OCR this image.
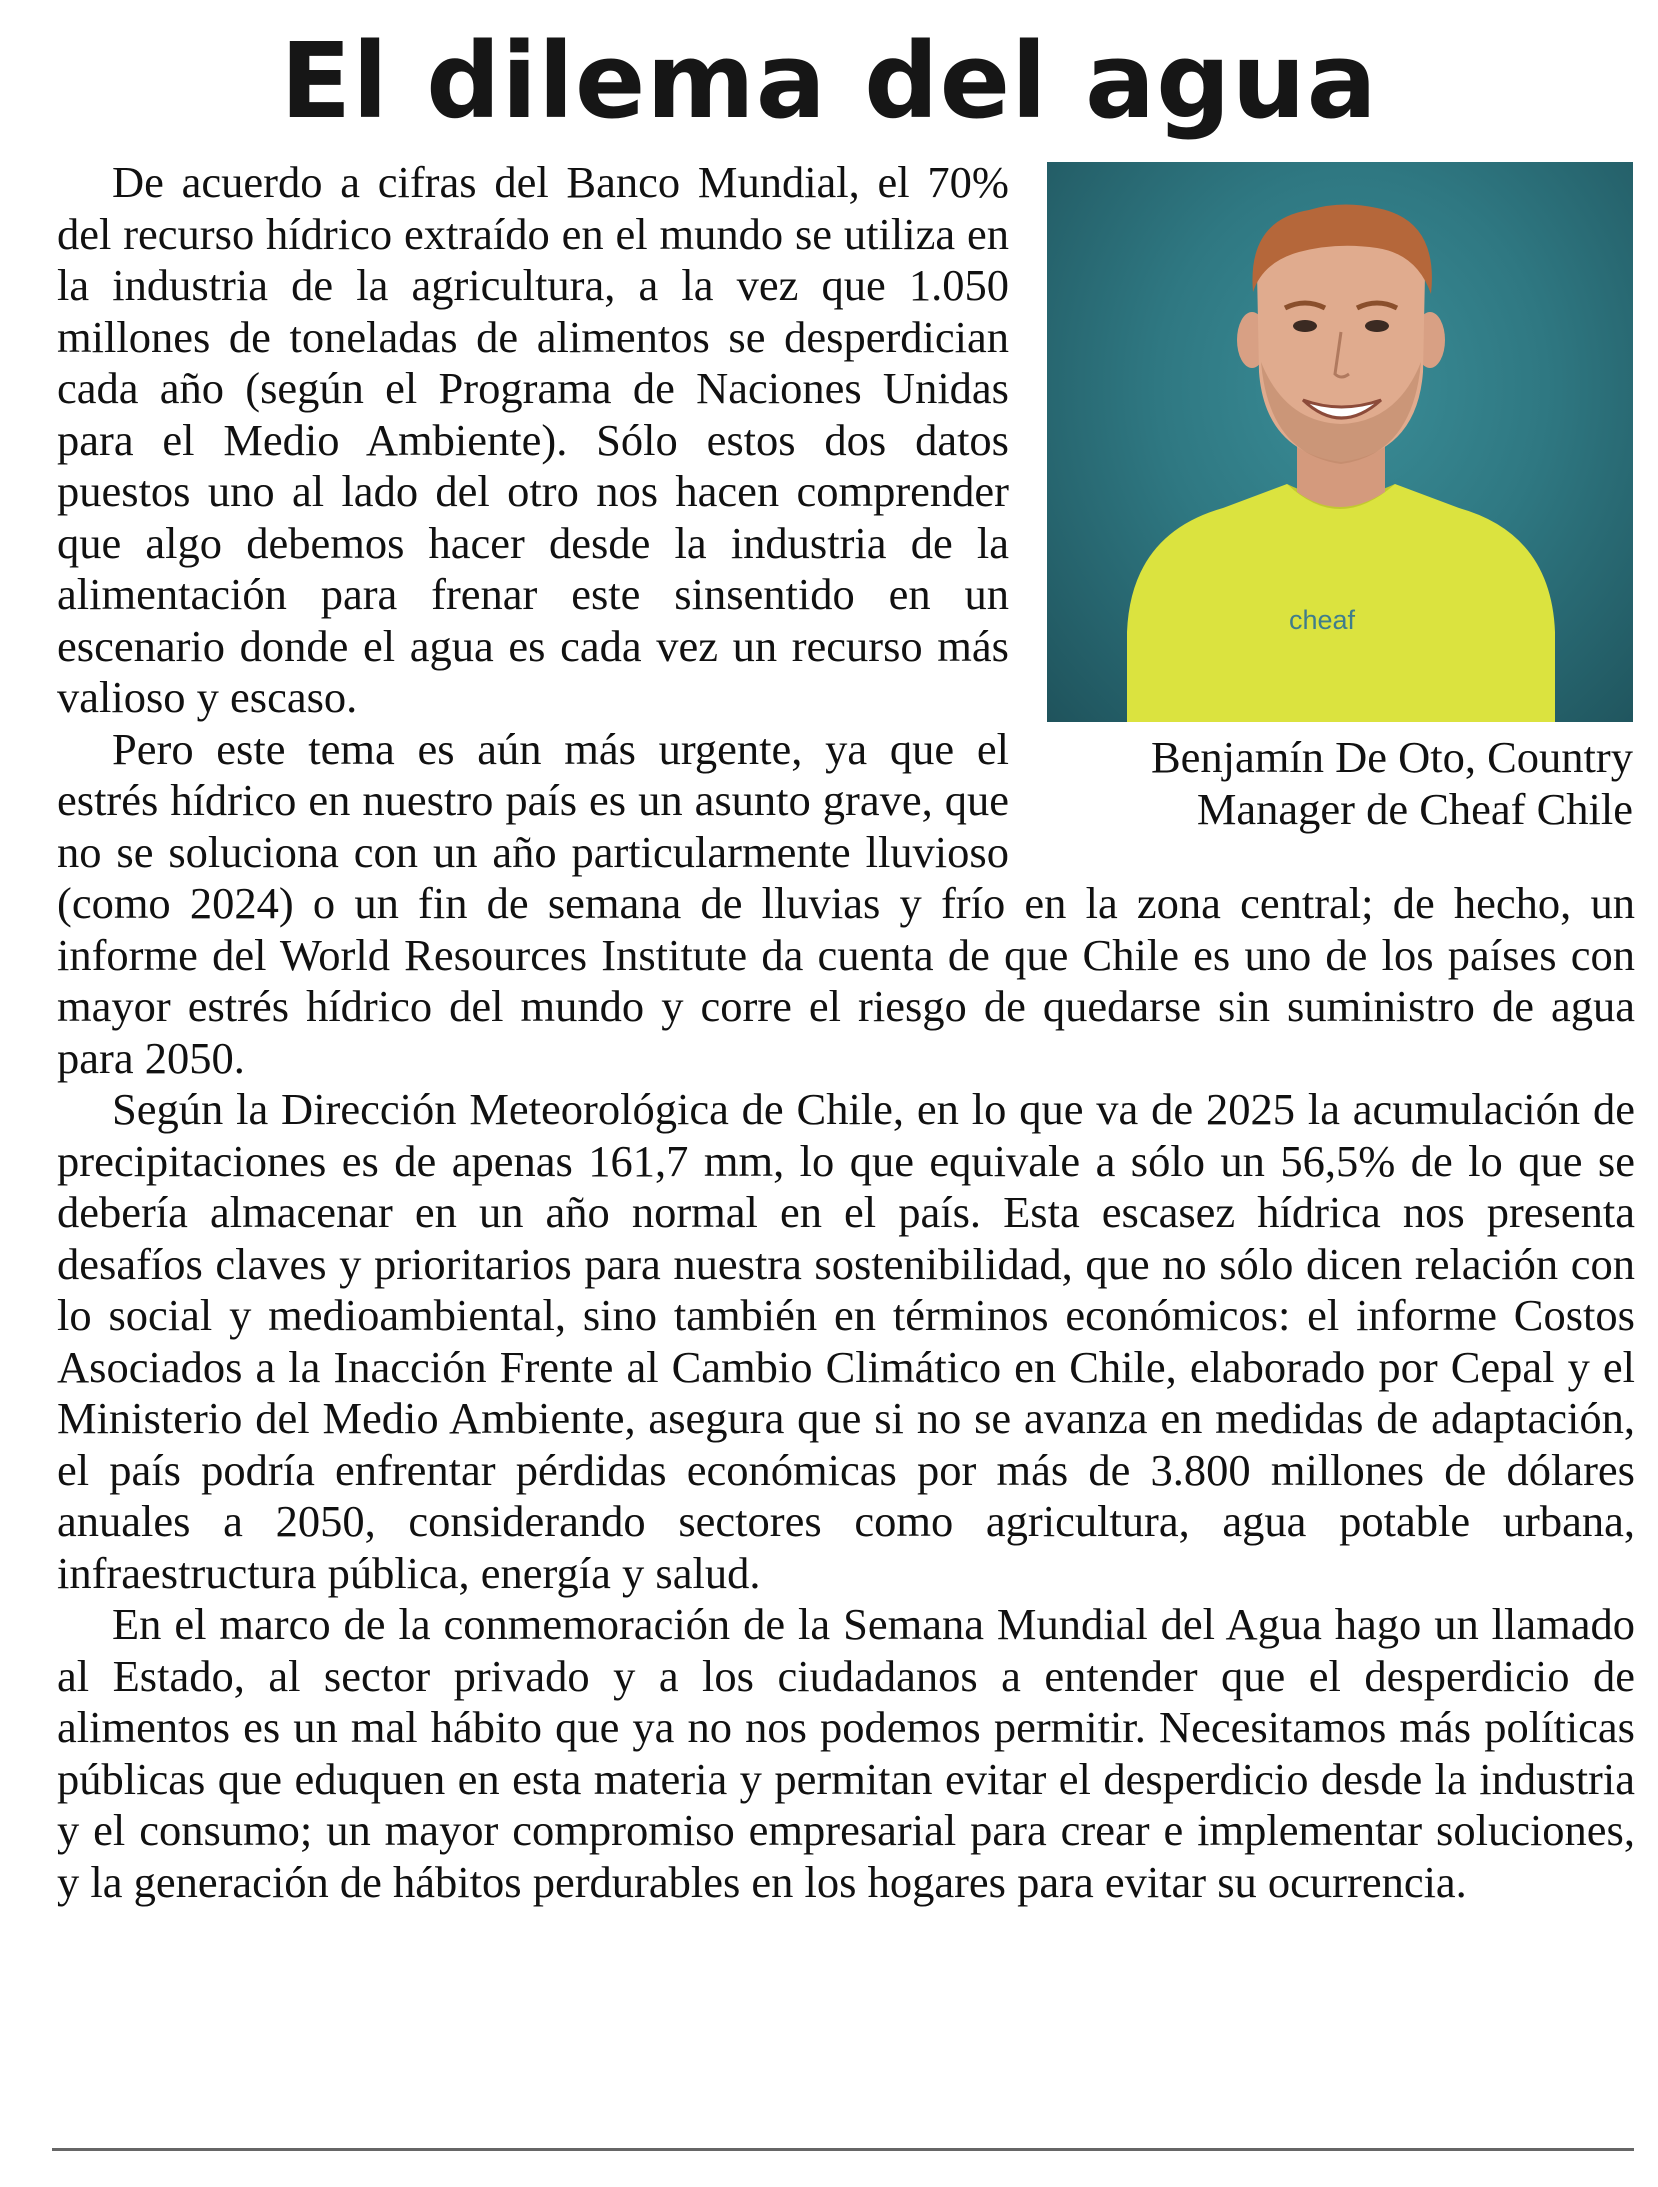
El dilema del agua
cheaf
Benjamín De Oto, Country Manager de Cheaf Chile

De acuerdo a cifras del Banco Mundial, el 70% del recurso hídrico extraído en el mundo se utiliza en la industria de la agricultura, a la vez que 1.050 millones de toneladas de alimentos se desperdician cada año (según el Programa de Naciones Unidas para el Medio Ambiente). Sólo estos dos datos puestos uno al lado del otro nos hacen comprender que algo debemos hacer desde la industria de la alimentación para frenar este sinsentido en un escenario donde el agua es cada vez un recurso más valioso y escaso.

Pero este tema es aún más urgente, ya que el estrés hídrico en nuestro país es un asunto grave, que no se soluciona con un año particularmente lluvioso (como 2024) o un fin de semana de lluvias y frío en la zona central; de hecho, un informe del World Resources Institute da cuenta de que Chile es uno de los países con mayor estrés hídrico del mundo y corre el riesgo de quedarse sin suministro de agua para 2050.

Según la Dirección Meteorológica de Chile, en lo que va de 2025 la acumulación de precipitaciones es de apenas 161,7 mm, lo que equivale a sólo un 56,5% de lo que se debería almacenar en un año normal en el país. Esta escasez hídrica nos presenta desafíos claves y prioritarios para nuestra sostenibilidad, que no sólo dicen relación con lo social y medioambiental, sino también en términos económicos: el informe Costos Asociados a la Inacción Frente al Cambio Climático en Chile, elaborado por Cepal y el Ministerio del Medio Ambiente, asegura que si no se avanza en medidas de adaptación, el país podría enfrentar pérdidas económicas por más de 3.800 millones de dólares anuales a 2050, considerando sectores como agricultura, agua potable urbana, infraestructura pública, energía y salud.

En el marco de la conmemoración de la Semana Mundial del Agua hago un llamado al Estado, al sector privado y a los ciudadanos a entender que el desperdicio de alimentos es un mal hábito que ya no nos podemos permitir. Necesitamos más políticas públicas que eduquen en esta materia y permitan evitar el desperdicio desde la industria y el consumo; un mayor compromiso empresarial para crear e implementar soluciones, y la generación de hábitos perdurables en los hogares para evitar su ocurrencia.
